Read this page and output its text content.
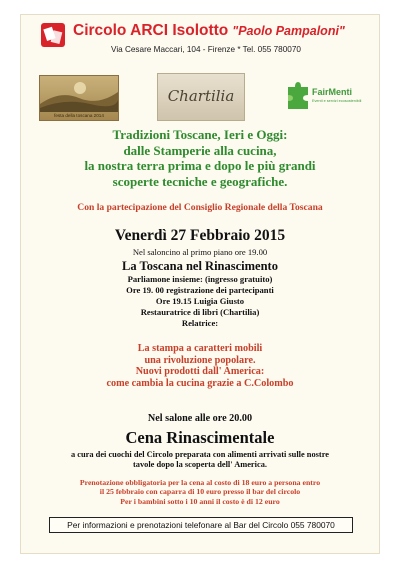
Circolo ARCI Isolotto "Paolo Pampaloni"
Via Cesare Maccari, 104 - Firenze * Tel. 055 780070
festa della toscana 2014
Chartilia	FairMenti
Eventi e servizi ecosostenibili
Tradizioni Toscane, Ieri e Oggi:
dalle Stamperie alla cucina,
la nostra terra prima e dopo le più grandi
scoperte tecniche e geografiche.
Con la partecipazione del Consiglio Regionale della Toscana
Venerdì 27 Febbraio 2015
Nel saloncino al primo piano ore 19.00
La Toscana nel Rinascimento
Parliamone insieme: (ingresso gratuito)
Ore 19. 00 registrazione dei partecipanti
Ore 19.15 Luigia Giusto
Restauratrice di libri (Chartilia)
Relatrice:
La stampa a caratteri mobili
una rivoluzione popolare.
Nuovi prodotti dall' America:
come cambia la cucina grazie a C.Colombo
Nel salone alle ore 20.00
Cena Rinascimentale
a cura dei cuochi del Circolo preparata con alimenti arrivati sulle nostre
tavole dopo la scoperta dell' America.
Prenotazione obbligatoria per la cena al costo di 18 euro a persona entro
il 25 febbraio con caparra di 10 euro presso il bar del circolo
Per i bambini sotto i 10 anni il costo è di 12 euro
Per informazioni e prenotazioni telefonare al Bar del Circolo 055 780070
